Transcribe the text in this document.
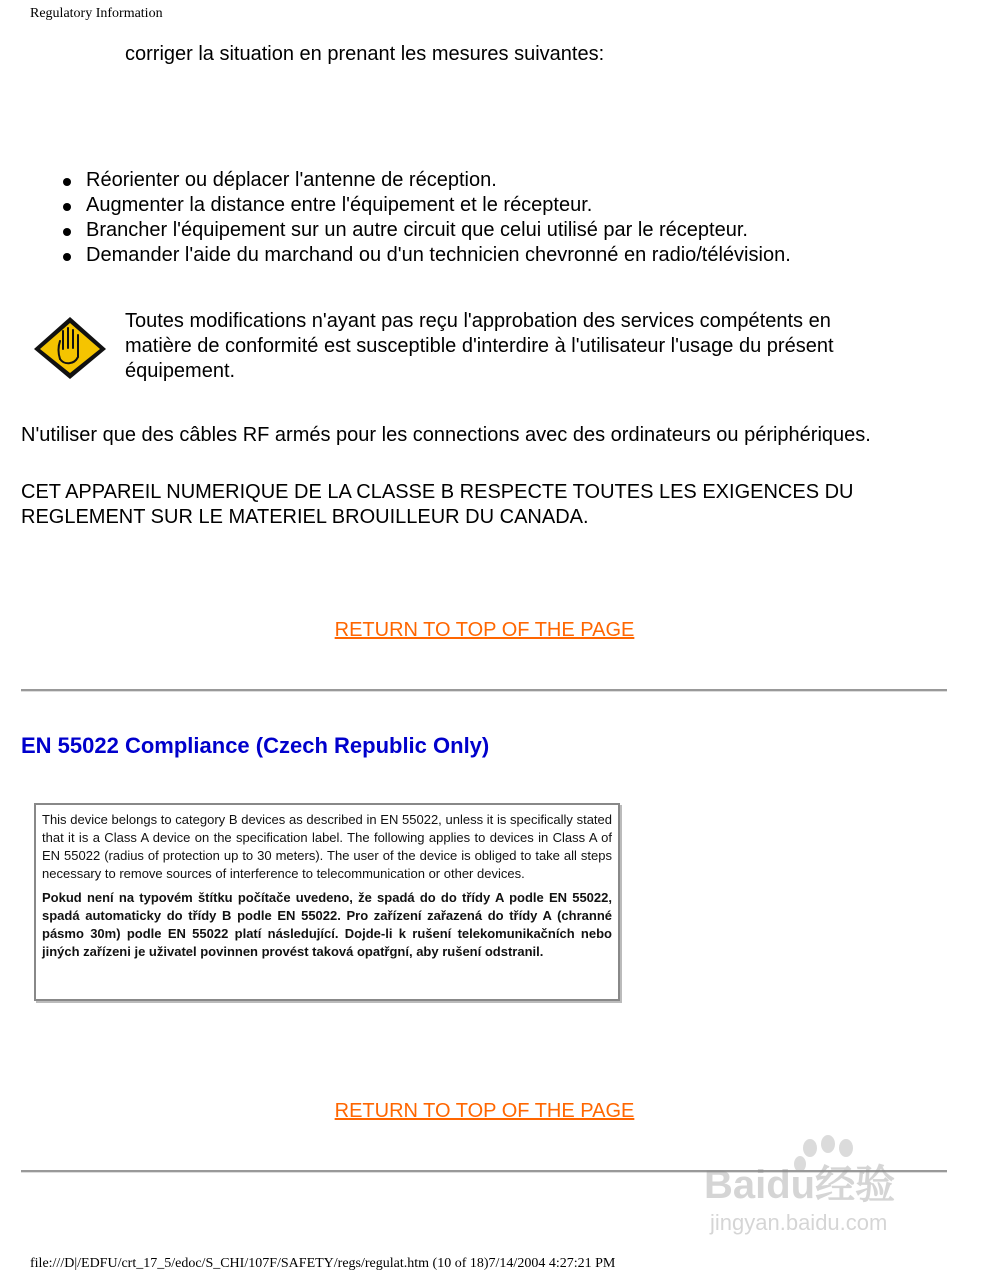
Regulatory Information
corriger la situation en prenant les mesures suivantes:
Réorienter ou déplacer l'antenne de réception.
Augmenter la distance entre l'équipement et le récepteur.
Brancher l'équipement sur un autre circuit que celui utilisé par le récepteur.
Demander l'aide du marchand ou d'un technicien chevronné en radio/télévision.
Toutes modifications n'ayant pas reçu l'approbation des services compétents en matière de conformité est susceptible d'interdire à l'utilisateur l'usage du présent équipement.
N'utiliser que des câbles RF armés pour les connections avec des ordinateurs ou périphériques.
CET APPAREIL NUMERIQUE DE LA CLASSE B RESPECTE TOUTES LES EXIGENCES DU REGLEMENT SUR LE MATERIEL BROUILLEUR DU CANADA.
RETURN TO TOP OF THE PAGE
EN 55022 Compliance (Czech Republic Only)

This device belongs to category B devices as described in EN 55022, unless it is specifically stated that it is a Class A device on the specification label. The following applies to devices in Class A of EN 55022 (radius of protection up to 30 meters). The user of the device is obliged to take all steps necessary to remove sources of interference to telecommunication or other devices.

Pokud není na typovém štítku počítače uvedeno, že spadá do do třídy A podle EN 55022, spadá automaticky do třídy B podle EN 55022. Pro zařízení zařazená do třídy A (chranné pásmo 30m) podle EN 55022 platí následující. Dojde-li k rušení telekomunikačních nebo jiných zařízeni je uživatel povinnen provést taková opatřgní, aby rušení odstranil.

RETURN TO TOP OF THE PAGE
Baidu经验
jingyan.baidu.com
file:///D|/EDFU/crt_17_5/edoc/S_CHI/107F/SAFETY/regs/regulat.htm (10 of 18)7/14/2004 4:27:21 PM
